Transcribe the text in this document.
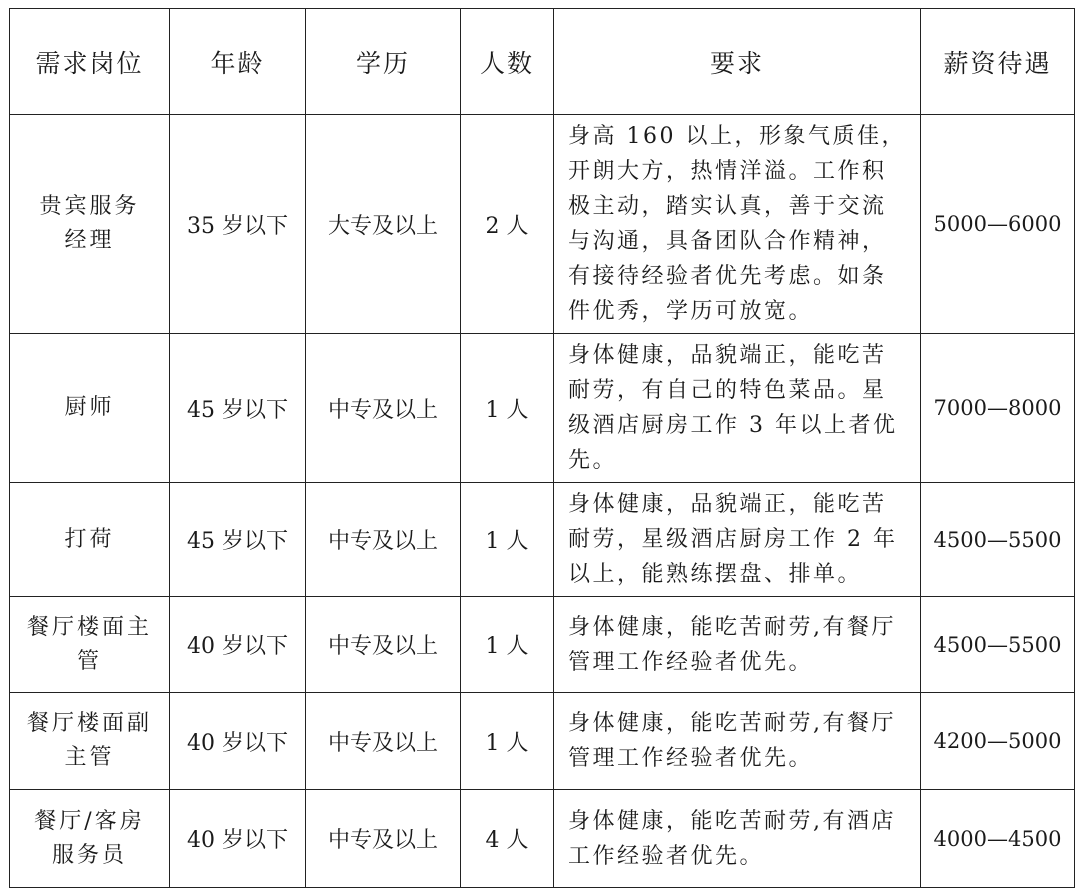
需求岗位	年龄	学历	人数	要求	薪资待遇

贵宾服务
经理	35 岁以下	大专及以上	2 人	身高 160 以上，形象气质佳，开朗大方，热情洋溢。工作积极主动，踏实认真，善于交流与沟通，具备团队合作精神，有接待经验者优先考虑。如条件优秀，学历可放宽。	5000—6000

厨师	45 岁以下	中专及以上	1 人	身体健康，品貌端正，能吃苦耐劳，有自己的特色菜品。星级酒店厨房工作 3 年以上者优先。	7000—8000

打荷	45 岁以下	中专及以上	1 人	身体健康，品貌端正，能吃苦耐劳，星级酒店厨房工作 2 年以上，能熟练摆盘、排单。	4500—5500

餐厅楼面主
管	40 岁以下	中专及以上	1 人	身体健康，能吃苦耐劳,有餐厅管理工作经验者优先。	4500—5500

餐厅楼面副
主管	40 岁以下	中专及以上	1 人	身体健康，能吃苦耐劳,有餐厅管理工作经验者优先。	4200—5000

餐厅/客房
服务员	40 岁以下	中专及以上	4 人	身体健康，能吃苦耐劳,有酒店工作经验者优先。	4000—4500
